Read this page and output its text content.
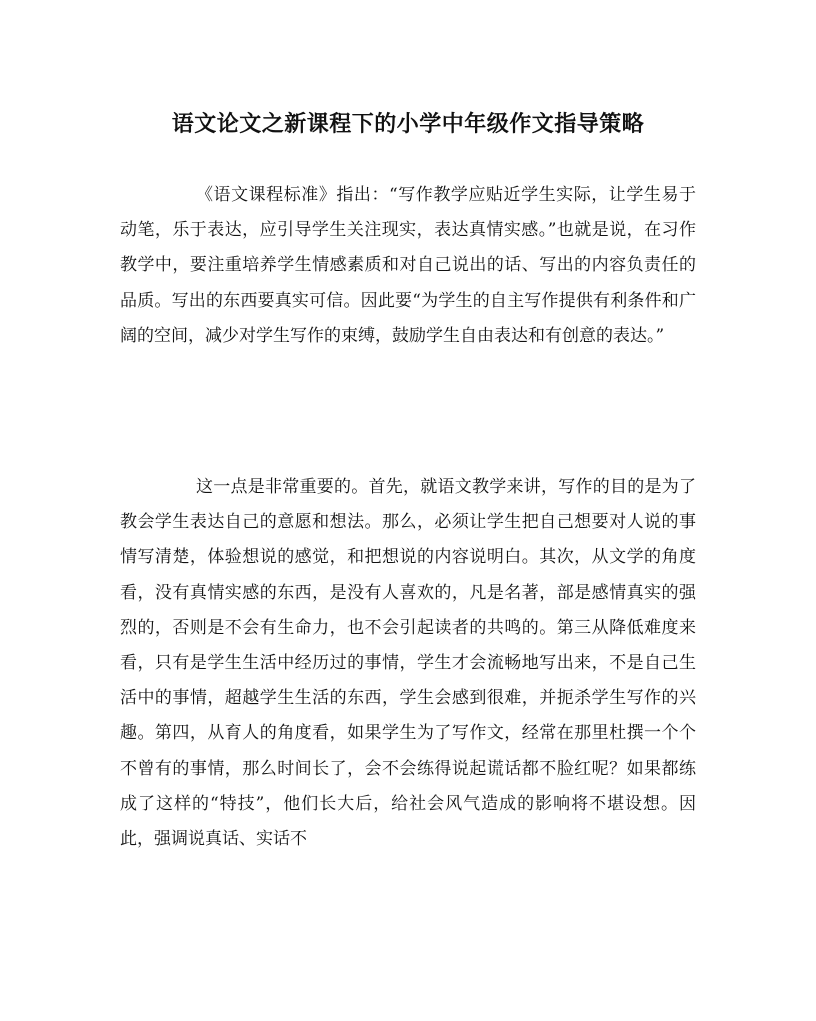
语文论文之新课程下的小学中年级作文指导策略

《语文课程标准》指出：“写作教学应贴近学生实际，让学生易于动笔，乐于表达，应引导学生关注现实，表达真情实感。”也就是说，在习作教学中，要注重培养学生情感素质和对自己说出的话、写出的内容负责任的品质。写出的东西要真实可信。因此要“为学生的自主写作提供有利条件和广阔的空间，减少对学生写作的束缚，鼓励学生自由表达和有创意的表达。”

这一点是非常重要的。首先，就语文教学来讲，写作的目的是为了教会学生表达自己的意愿和想法。那么，必须让学生把自己想要对人说的事情写清楚，体验想说的感觉，和把想说的内容说明白。其次，从文学的角度看，没有真情实感的东西，是没有人喜欢的，凡是名著，部是感情真实的强烈的，否则是不会有生命力，也不会引起读者的共鸣的。第三从降低难度来看，只有是学生生活中经历过的事情，学生才会流畅地写出来，不是自己生活中的事情，超越学生生活的东西，学生会感到很难，并扼杀学生写作的兴趣。第四，从育人的角度看，如果学生为了写作文，经常在那里杜撰一个个不曾有的事情，那么时间长了，会不会练得说起谎话都不脸红呢？如果都练成了这样的“特技”，他们长大后，给社会风气造成的影响将不堪设想。因此，强调说真话、实话不
